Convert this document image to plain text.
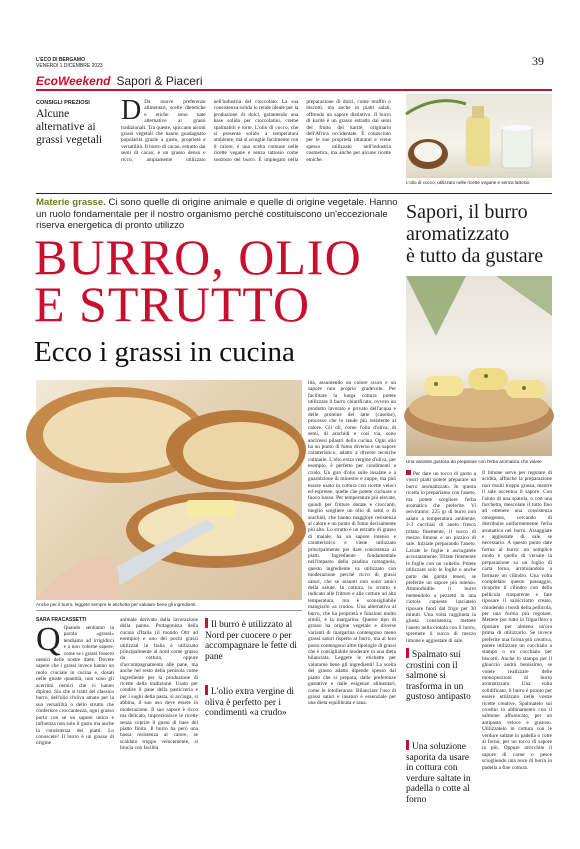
L'ECO DI BERGAMO
VENERDÌ 1 DICEMBRE 2023	39
EcoWeekend Sapori & Piaceri
CONSIGLI PREZIOSI
Alcune alternative ai grassi vegetali
D Da nuove preferenze alimentari, scelte dietetiche e etiche sono nate alternative ai grassi tradizionali. Tra queste, spiccano alcuni grassi vegetali che hanno guadagnato popolarità grazie a gusto, proprietà e versatilità. Il burro di cacao, estratto dai semi di cacao, è un grasso denso e ricco, ampiamente utilizzato nell'industria del cioccolato. La sua consistenza solida lo rende ideale per la produzione di dolci, garantendo una base solida per cioccolatini, creme spalmabili e torte. L'olio di cocco, che si presenta solido a temperatura ambiente, ma si scioglie facilmente con il calore, è una scelta comune nelle ricette vegane e senza lattosio come sostituto del burro. È impiegato nella preparazione di dolci, come muffin o biscotti, ma anche in piatti salati, offrendo un sapore distintivo. Il burro di karité è un grasso estratto dai semi del frutto del karité, originario dell'Africa occidentale. È conosciuto per le sue proprietà idratanti e viene spesso utilizzato nell'industria cosmetica, ma anche per alcune ricette etniche.
L'olio di cocco, utilizzato nelle ricette vegane e senza lattosio
Materie grasse. Ci sono quelle di origine animale e quelle di origine vegetale. Hanno un ruolo fondamentale per il nostro organismo perché costituiscono un'eccezionale riserva energetica di pronto utilizzo
BURRO, OLIO
E STRUTTO
Ecco i grassi in cucina
Anche per il burro, leggete sempre le etichette per valutare bene gli ingredienti
SARA FRACASSETTI
Q Quando sentiamo la parola «grassi» tendiamo ad irrigidirci e a non volerne sapere, come se i grassi fossero nemici delle nostre diete. Dovete sapere che i grassi invece hanno un ruolo cruciale in cucina e, dosati nelle giuste quantità, non sono gli acerrimi nemici che vi hanno dipinto. Sia che si tratti del classico burro, dell'olio d'oliva amato per la sua versatilità o dello strutto che conferisce croccantezza, ogni grasso porta con sé un sapore unico e influenza non solo il gusto ma anche la consistenza dei piatti. Lo conoscete? Il burro è un grasso di origine
animale derivato dalla lavorazione della panna. Protagonista della cucina d'Italia (il mondo Oltr ad esempio) e uno dei pochi grassi utilizzati in Italia è utilizzato principalmente al nord come grasso da cottura, oppure d'accompagnamento alle pane, ma anche nel resto della penisola come ingrediente per la produzione di ricette della tradizione. Usato per condire il pane della pasticceria e per i sughi della pasta, si acciuga, si abbina, il suo uso deve essere in moderazione. Il suo sapore è ricco ma delicato, impreziosisce le ricette senza coprire il gusto di base del piatto finito. Il burro ha però una bassa resistenza al calore, se scaldato troppo velocemente, si brucia con facilità
lità, assumendo un colore scuro e un sapore non proprio gradevole. Per facilitare la lunga cottura potete utilizzare il burro chiarificato, ovvero un prodotto lavorato e privato dell'acqua e delle proteine del latte (caseine), processo che lo rende più resistente al calore. Gli oli, come l'olio d'oliva, di semi, di arachidi e così via, sono anch'essi pilastri della cucina. Ogni olio ha un punto di fumo diverso e un sapore caratteristico, adatto a diverse tecniche culinarie. L'olio extra vergine d'oliva, per esempio, è perfetto per condimenti a crudo. Un giro d'olio sulle insalate o a guarnizione di minestre e zuppe, ma può essere usato in cottura con ricette veloci ed espresse, quelle che potete cucinare a fuoco basso. Per temperature più elevate, quindi per fritture dorate e croccanti, meglio scegliere un olio di semi o di arachidi, che hanno maggiore resistenza al calore e un punto di fumo decisamente più alto. Lo strutto è un estratto di grasso di maiale, ha un sapore intenso e caratteristico e viene utilizzato principalmente per dare consistenza ai piatti. Ingrediente fondamentale nell'impasto della piadina romagnola, questo ingrediente va utilizzato con moderazione perché ricco di grassi saturi, che se assunti non sono amici della salute. In cottura, lo strutto è indicato alle fritture e alle cotture ad alta temperatura, ma è sconsigliabile mangiarlo «a crudo». Una alternativa al burro, che ha proprietà e funzioni molto simili, è la margarina. Questo tipo di grasso ha origine vegetale e diverse varianti di margarina contengono meno grassi saturi rispetto al burro, ma al loro posto contengono altre tipologie di grassi che è consigliabile moderare in una dieta bilanciata. Leggete le etichette per valutarne bene gli ingredienti! La scelta del grasso adatto dipende spesso dal piatto che si prepara, dalle preferenze gustative e dalle esigenze alimentari, come le intolleranze. Bilanciare l'uso di grassi saturi e insaturi è essenziale per una dieta equilibrata e sana.
Il burro è utilizzato al Nord per cuocere o per accompagnare le fette di pane
L'olio extra vergine di oliva è perfetto per i condimenti «a crudo»
Sapori, il burro
aromatizzato
è tutto da gustare
Una variante gustosa da preparare con l'erba aromatica che volete
Per dare un tocco di gusto a vostri piatti potete preparare un burro aromatizzato. In questa ricetta lo prepariamo con l'aneto, ma potete scegliere l'erba aromatica che preferite. Vi serviranno: 225 gr di burro non salato a temperatura ambiente, 2-3 cucchiai di aneto fresco tritato finemente, il succo di mezzo limone e un pizzico di sale. Iniziate preparando l'aneto. Lavate le foglie e asciugatele accuratamente. Tritate finemente le foglie con un coltello. Potete utilizzare solo le foglie o anche parte dei gambi teneri, se preferite un sapore più intenso. Ammorbidite il burro mettendolo a pezzetti in una ciotola capiente lasciatelo riposare fuori dal frigo per 30 minuti. Una volta raggiunta la giusta consistenza, mettete l'aneto nella ciotola con il burro, spremete il succo di mezzo limone e aggiustate di sale.
Il limone serve per regolare di acidità, affinché la preparazione non risulti troppo grassa, mentre il sale accentua il sapore. Con l'aiuto di una spatola, o con una forchetta, mescolate il tutto fino ad ottenere una consistenza omogenea, cercando di distribuire uniformemente l'erba aromatica nel burro. Assaggiate e aggiustate di sale se necessario. A questo punto date forma al burro: un semplice modo è quello di versare la preparazione su un foglio di carta forno, arrotolandolo a formare un cilindro. Una volta completato questo passaggio, ricoprite il cilindro con della pellicola trasparente e fate riposare il salsicciotto creato, chiudendo i bordi della pellicola, per una forma più regolare. Mettete poi tutto in frigorifero a riposare per almeno un'ora prima di utilizzarlo. Se invece preferite una forma più creativa, potete utilizzare un cucchiaio a stampo o un cucchiaio per biscotti. Anche lo stampo per il ghiaccio andrà benissimo, se volete realizzare delle monoporzioni di burro aromatizzato. Una volta solidificato, il burro è pronto per essere utilizzato nelle vostre ricette creative. Spalmatelo sui crostini in abbinamento con il salmone affumicato, per un antipasto veloce e gustoso. Utilizzatelo in cottura con le verdure saltate in padella o cotte al forno, per un tocco di sapore in più. Oppure arricchite il sapore di carne o pesce sciogliendo una noce di burro in padella a fine cottura.
Spalmato sui crostini con il salmone si trasforma in un gustoso antipasto
Una soluzione saporita da usare in cottura con verdure saltate in padella o cotte al forno
